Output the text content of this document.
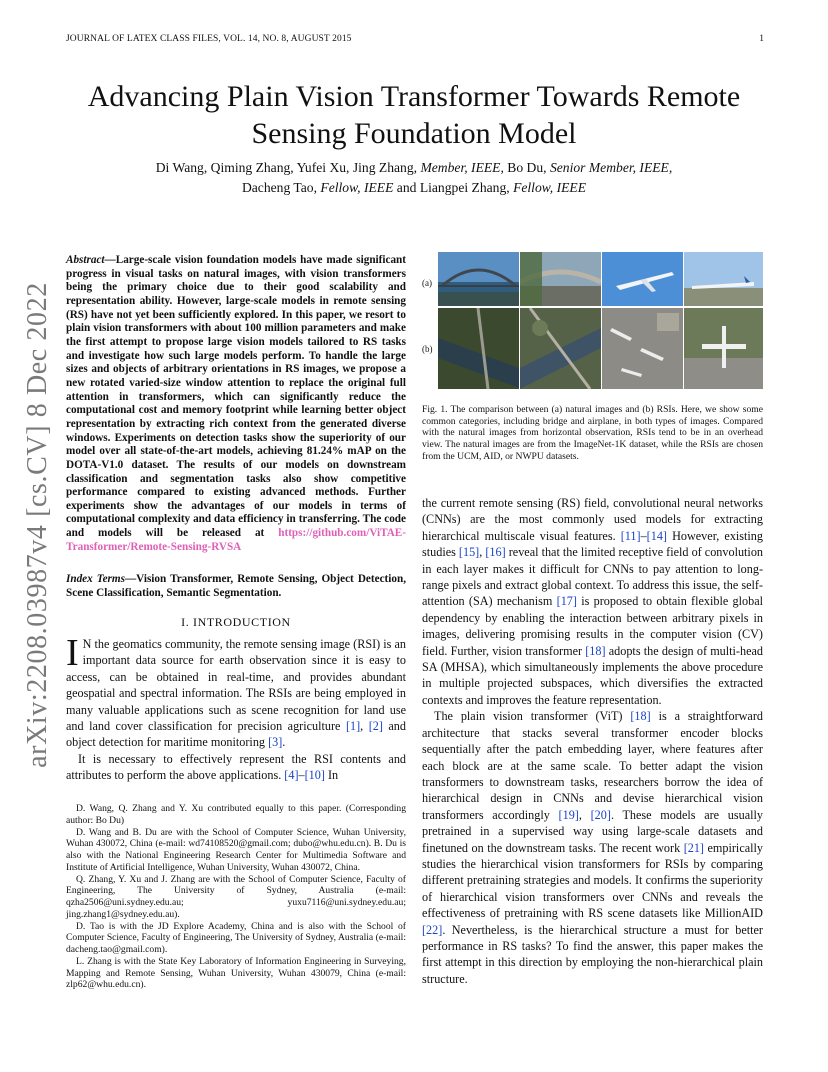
JOURNAL OF LATEX CLASS FILES, VOL. 14, NO. 8, AUGUST 2015	1
arXiv:2208.03987v4 [cs.CV] 8 Dec 2022
Advancing Plain Vision Transformer Towards Remote Sensing Foundation Model
Di Wang, Qiming Zhang, Yufei Xu, Jing Zhang, Member, IEEE, Bo Du, Senior Member, IEEE,
Dacheng Tao, Fellow, IEEE and Liangpei Zhang, Fellow, IEEE
Abstract—Large-scale vision foundation models have made significant progress in visual tasks on natural images, with vision transformers being the primary choice due to their good scalability and representation ability. However, large-scale models in remote sensing (RS) have not yet been sufficiently explored. In this paper, we resort to plain vision transformers with about 100 million parameters and make the first attempt to propose large vision models tailored to RS tasks and investigate how such large models perform. To handle the large sizes and objects of arbitrary orientations in RS images, we propose a new rotated varied-size window attention to replace the original full attention in transformers, which can significantly reduce the computational cost and memory footprint while learning better object representation by extracting rich context from the generated diverse windows. Experiments on detection tasks show the superiority of our model over all state-of-the-art models, achieving 81.24% mAP on the DOTA-V1.0 dataset. The results of our models on downstream classification and segmentation tasks also show competitive performance compared to existing advanced methods. Further experiments show the advantages of our models in terms of computational complexity and data efficiency in transferring. The code and models will be released at https://github.com/ViTAE-Transformer/Remote-Sensing-RVSA
Index Terms—Vision Transformer, Remote Sensing, Object Detection, Scene Classification, Semantic Segmentation.
I. INTRODUCTION

I N the geomatics community, the remote sensing image (RSI) is an important data source for earth observation since it is easy to access, can be obtained in real-time, and provides abundant geospatial and spectral information. The RSIs are being employed in many valuable applications such as scene recognition for land use and land cover classification for precision agriculture [1], [2] and object detection for maritime monitoring [3].

It is necessary to effectively represent the RSI contents and attributes to perform the above applications. [4]–[10] In

D. Wang, Q. Zhang and Y. Xu contributed equally to this paper. (Corresponding author: Bo Du)

D. Wang and B. Du are with the School of Computer Science, Wuhan University, Wuhan 430072, China (e-mail: wd74108520@gmail.com; dubo@whu.edu.cn). B. Du is also with the National Engineering Research Center for Multimedia Software and Institute of Artificial Intelligence, Wuhan University, Wuhan 430072, China.

Q. Zhang, Y. Xu and J. Zhang are with the School of Computer Science, Faculty of Engineering, The University of Sydney, Australia (e-mail: qzha2506@uni.sydney.edu.au; yuxu7116@uni.sydney.edu.au; jing.zhang1@sydney.edu.au).

D. Tao is with the JD Explore Academy, China and is also with the School of Computer Science, Faculty of Engineering, The University of Sydney, Australia (e-mail: dacheng.tao@gmail.com).

L. Zhang is with the State Key Laboratory of Information Engineering in Surveying, Mapping and Remote Sensing, Wuhan University, Wuhan 430079, China (e-mail: zlp62@whu.edu.cn).

(a)
(b)
Fig. 1. The comparison between (a) natural images and (b) RSIs. Here, we show some common categories, including bridge and airplane, in both types of images. Compared with the natural images from horizontal observation, RSIs tend to be in an overhead view. The natural images are from the ImageNet-1K dataset, while the RSIs are chosen from the UCM, AID, or NWPU datasets.

the current remote sensing (RS) field, convolutional neural networks (CNNs) are the most commonly used models for extracting hierarchical multiscale visual features. [11]–[14] However, existing studies [15], [16] reveal that the limited receptive field of convolution in each layer makes it difficult for CNNs to pay attention to long-range pixels and extract global context. To address this issue, the self-attention (SA) mechanism [17] is proposed to obtain flexible global dependency by enabling the interaction between arbitrary pixels in images, delivering promising results in the computer vision (CV) field. Further, vision transformer [18] adopts the design of multi-head SA (MHSA), which simultaneously implements the above procedure in multiple projected subspaces, which diversifies the extracted contexts and improves the feature representation.

The plain vision transformer (ViT) [18] is a straightforward architecture that stacks several transformer encoder blocks sequentially after the patch embedding layer, where features after each block are at the same scale. To better adapt the vision transformers to downstream tasks, researchers borrow the idea of hierarchical design in CNNs and devise hierarchical vision transformers accordingly [19], [20]. These models are usually pretrained in a supervised way using large-scale datasets and finetuned on the downstream tasks. The recent work [21] empirically studies the hierarchical vision transformers for RSIs by comparing different pretraining strategies and models. It confirms the superiority of hierarchical vision transformers over CNNs and reveals the effectiveness of pretraining with RS scene datasets like MillionAID [22]. Nevertheless, is the hierarchical structure a must for better performance in RS tasks? To find the answer, this paper makes the first attempt in this direction by employing the non-hierarchical plain structure.
